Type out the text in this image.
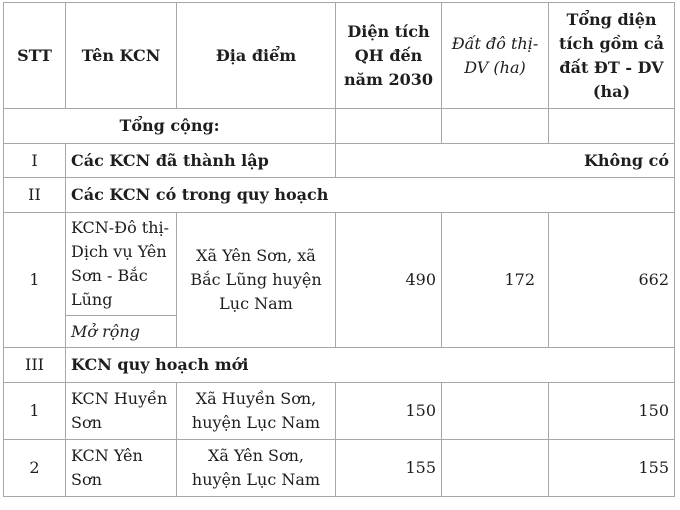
STT	Tên KCN	Địa điểm	Diện tích QH đến năm 2030	Đất đô thị-DV (ha)	Tổng diện tích gồm cả đất ĐT - DV (ha)
Tổng cộng:					
I	Các KCN đã thành lập		Không có		
II	Các KCN có trong quy hoạch				
1	KCN-Đô thị-Dịch vụ Yên Sơn - Bắc Lũng	Xã Yên Sơn, xã Bắc Lũng huyện Lục Nam	490	172	662
	Mở rộng				
III	KCN quy hoạch mới				
1	KCN Huyền Sơn	Xã Huyền Sơn, huyện Lục Nam	150		150
2	KCN Yên Sơn	Xã Yên Sơn, huyện Lục Nam	155		155
